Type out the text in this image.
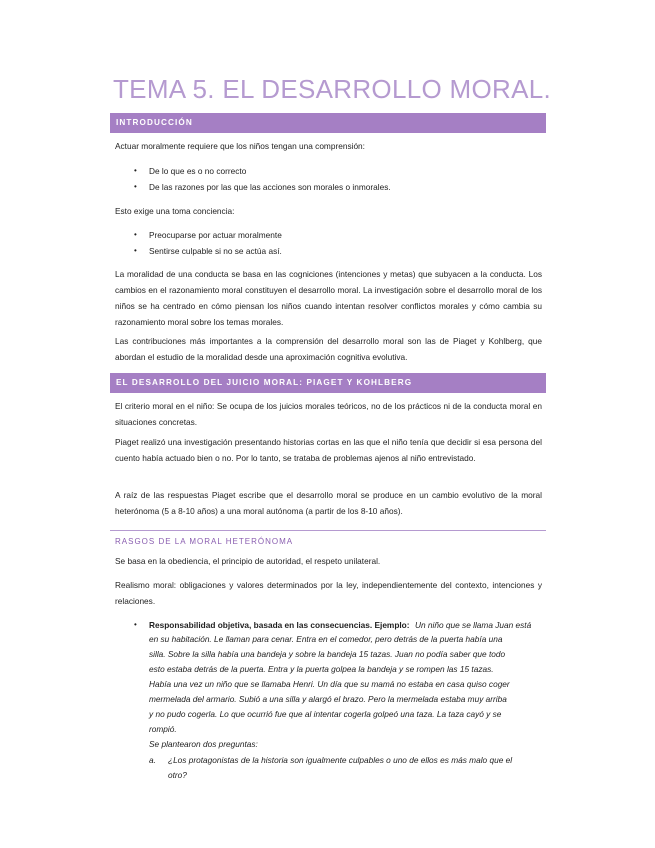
TEMA 5. EL DESARROLLO MORAL.
INTRODUCCIÓN

Actuar moralmente requiere que los niños tengan una comprensión:

• De lo que es o no correcto
• De las razones por las que las acciones son morales o inmorales.

Esto exige una toma conciencia:

• Preocuparse por actuar moralmente
• Sentirse culpable si no se actúa así.

La moralidad de una conducta se basa en las cogniciones (intenciones y metas) que subyacen a la conducta. Los cambios en el razonamiento moral constituyen el desarrollo moral. La investigación sobre el desarrollo moral de los niños se ha centrado en cómo piensan los niños cuando intentan resolver conflictos morales y cómo cambia su razonamiento moral sobre los temas morales.

Las contribuciones más importantes a la comprensión del desarrollo moral son las de Piaget y Kohlberg, que abordan el estudio de la moralidad desde una aproximación cognitiva evolutiva.

EL DESARROLLO DEL JUICIO MORAL: PIAGET Y KOHLBERG

El criterio moral en el niño: Se ocupa de los juicios morales teóricos, no de los prácticos ni de la conducta moral en situaciones concretas.

Piaget realizó una investigación presentando historias cortas en las que el niño tenía que decidir si esa persona del cuento había actuado bien o no. Por lo tanto, se trataba de problemas ajenos al niño entrevistado.

A raíz de las respuestas Piaget escribe que el desarrollo moral se produce en un cambio evolutivo de la moral heterónoma (5 a 8-10 años) a una moral autónoma (a partir de los 8-10 años).

RASGOS DE LA MORAL HETERÓNOMA

Se basa en la obediencia, el principio de autoridad, el respeto unilateral.

Realismo moral: obligaciones y valores determinados por la ley, independientemente del contexto, intenciones y relaciones.

• Responsabilidad objetiva, basada en las consecuencias. Ejemplo: Un niño que se llama Juan está
en su habitación. Le llaman para cenar. Entra en el comedor, pero detrás de la puerta había una
silla. Sobre la silla había una bandeja y sobre la bandeja 15 tazas. Juan no podía saber que todo
esto estaba detrás de la puerta. Entra y la puerta golpea la bandeja y se rompen las 15 tazas.
Había una vez un niño que se llamaba Henri. Un día que su mamá no estaba en casa quiso coger
mermelada del armario. Subió a una silla y alargó el brazo. Pero la mermelada estaba muy arriba
y no pudo cogerla. Lo que ocurrió fue que al intentar cogerla golpeó una taza. La taza cayó y se
rompió.
Se plantearon dos preguntas:
a. ¿Los protagonistas de la historia son igualmente culpables o uno de ellos es más malo que el
otro?
